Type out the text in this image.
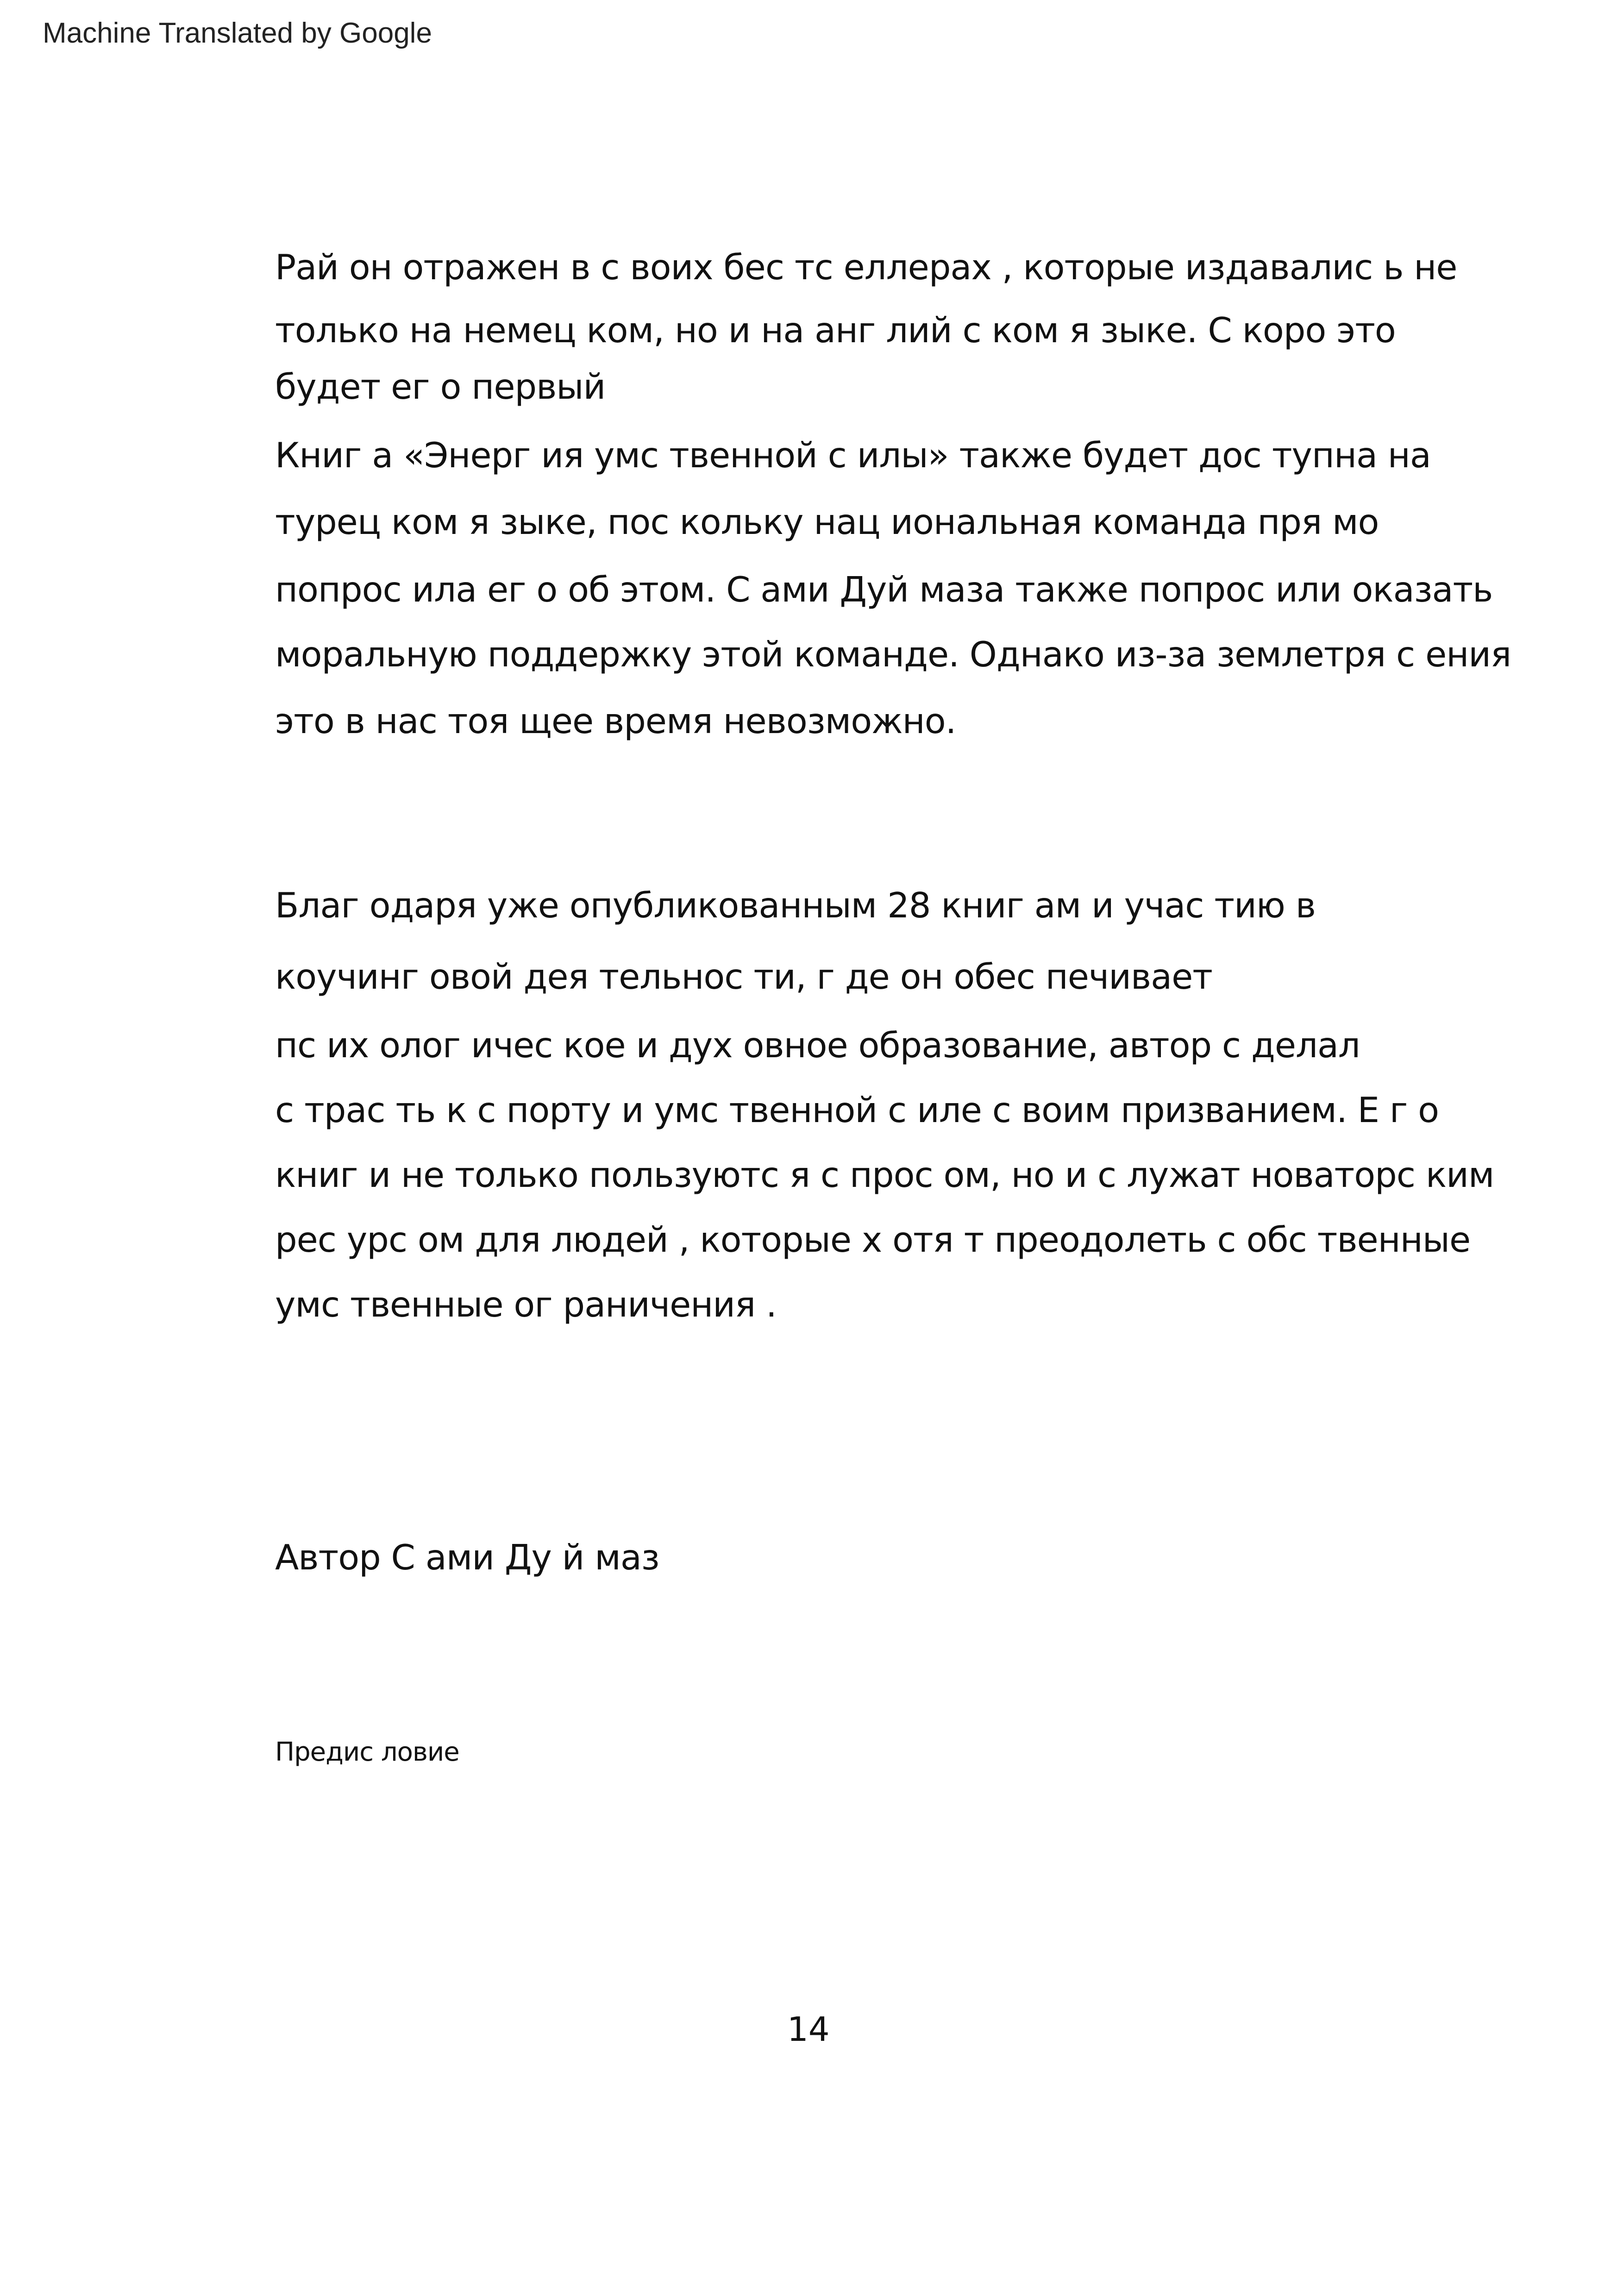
Machine Translated by Google
Рай он отражен в с воих бес тс еллерах , которые издавалис ь не
только на немец ком, но и на анг лий с ком я зыке. С коро это
будет ег о первый
Книг а «Энерг ия умс твенной с илы» также будет дос тупна на
турец ком я зыке, пос кольку нац иональная команда пря мо
попрос ила ег о об этом. С ами Дуй маза также попрос или оказать
моральную поддержку этой команде. Однако из-за землетря с ения
это в нас тоя щее время невозможно.
Благ одаря уже опубликованным 28 книг ам и учас тию в
коучинг овой дея тельнос ти, г де он обес печивает
пс их олог ичес кое и дух овное образование, автор с делал
с трас ть к с порту и умс твенной с иле с воим призванием. Е г о
книг и не только пользуютс я с прос ом, но и с лужат новаторс ким
рес урс ом для людей , которые х отя т преодолеть с обс твенные
умс твенные ог раничения .
Автор С ами Ду й маз
Предис ловие
14
